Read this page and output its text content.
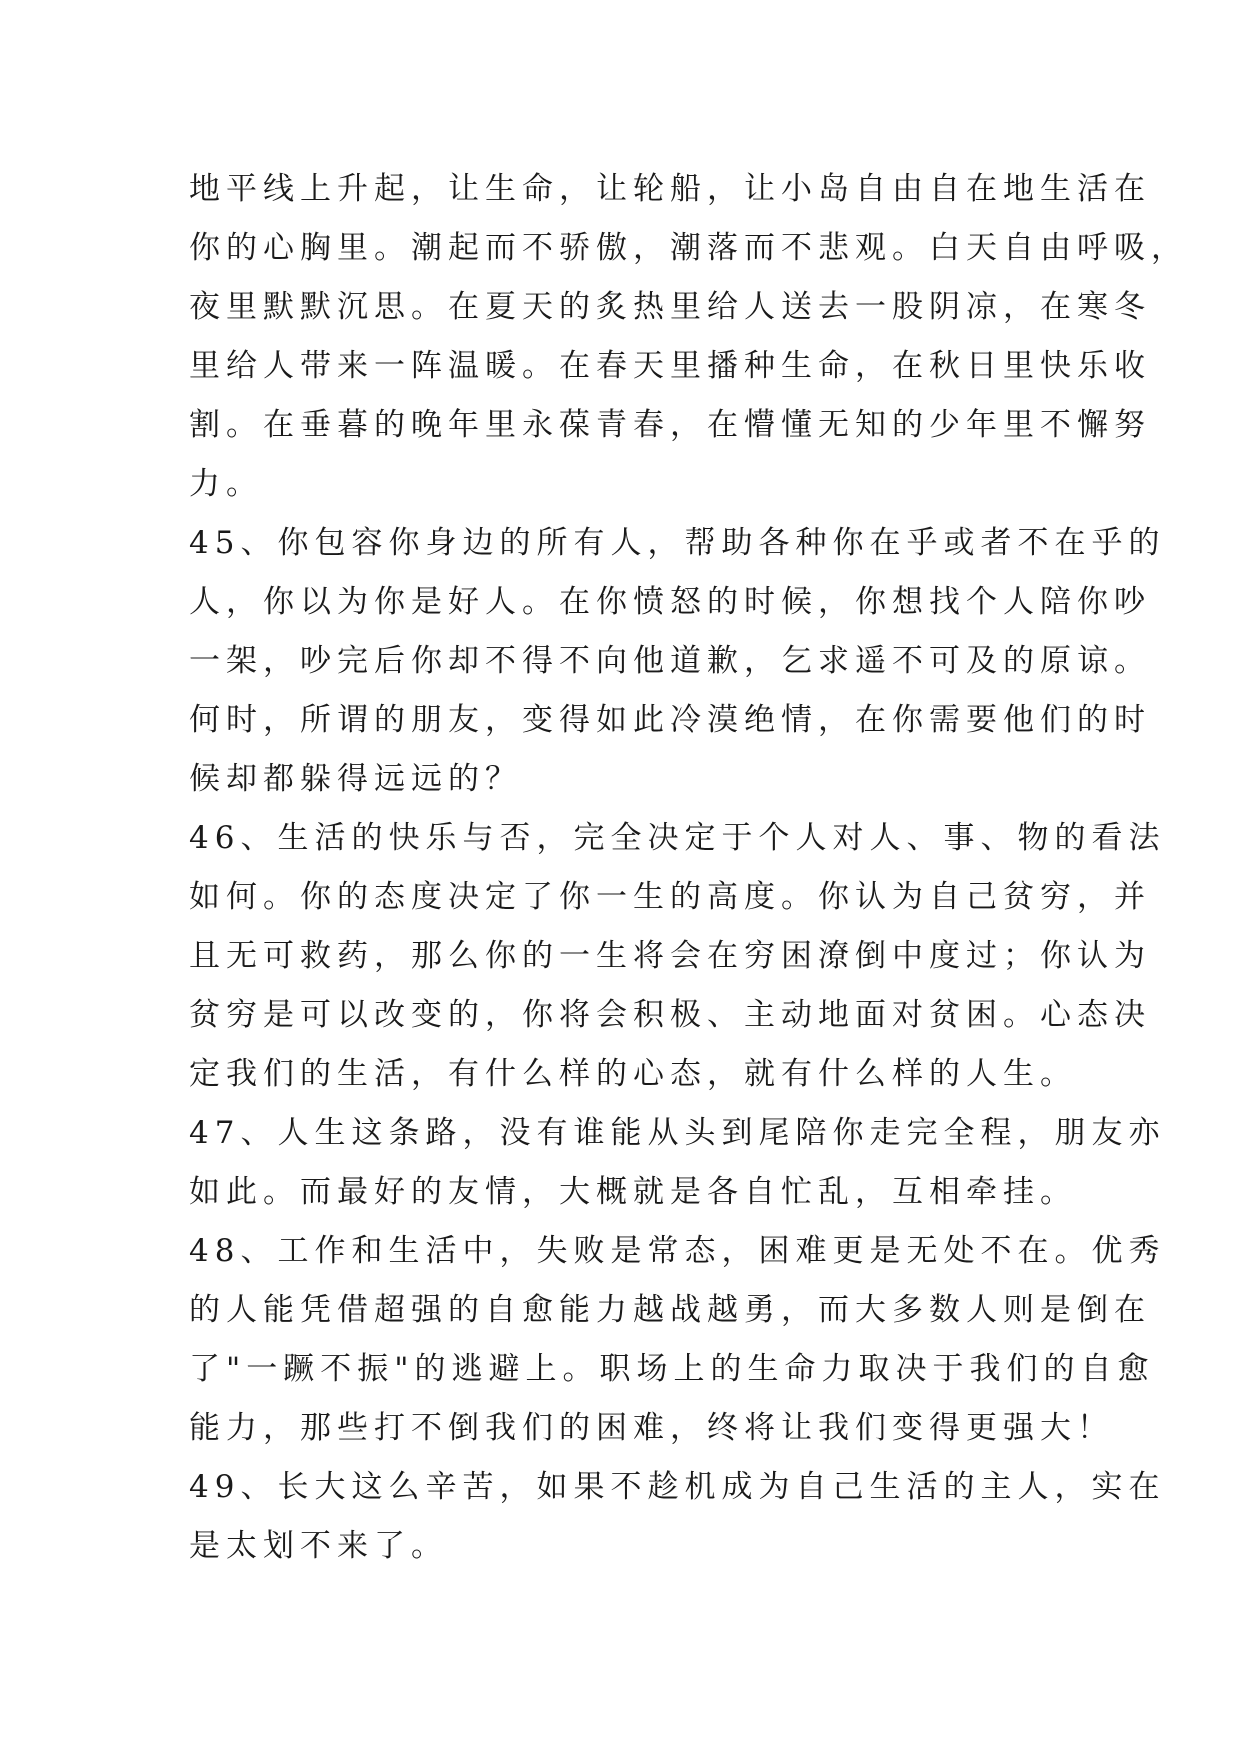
地平线上升起，让生命，让轮船，让小岛自由自在地生活在
你的心胸里。潮起而不骄傲，潮落而不悲观。白天自由呼吸，
夜里默默沉思。在夏天的炙热里给人送去一股阴凉，在寒冬
里给人带来一阵温暖。在春天里播种生命，在秋日里快乐收
割。在垂暮的晚年里永葆青春，在懵懂无知的少年里不懈努
力。
45、你包容你身边的所有人，帮助各种你在乎或者不在乎的
人，你以为你是好人。在你愤怒的时候，你想找个人陪你吵
一架，吵完后你却不得不向他道歉，乞求遥不可及的原谅。
何时，所谓的朋友，变得如此冷漠绝情，在你需要他们的时
候却都躲得远远的？
46、生活的快乐与否，完全决定于个人对人、事、物的看法
如何。你的态度决定了你一生的高度。你认为自己贫穷，并
且无可救药，那么你的一生将会在穷困潦倒中度过；你认为
贫穷是可以改变的，你将会积极、主动地面对贫困。心态决
定我们的生活，有什么样的心态，就有什么样的人生。
47、人生这条路，没有谁能从头到尾陪你走完全程，朋友亦
如此。而最好的友情，大概就是各自忙乱，互相牵挂。
48、工作和生活中，失败是常态，困难更是无处不在。优秀
的人能凭借超强的自愈能力越战越勇，而大多数人则是倒在
了"一蹶不振"的逃避上。职场上的生命力取决于我们的自愈
能力，那些打不倒我们的困难，终将让我们变得更强大！
49、长大这么辛苦，如果不趁机成为自己生活的主人，实在
是太划不来了。
